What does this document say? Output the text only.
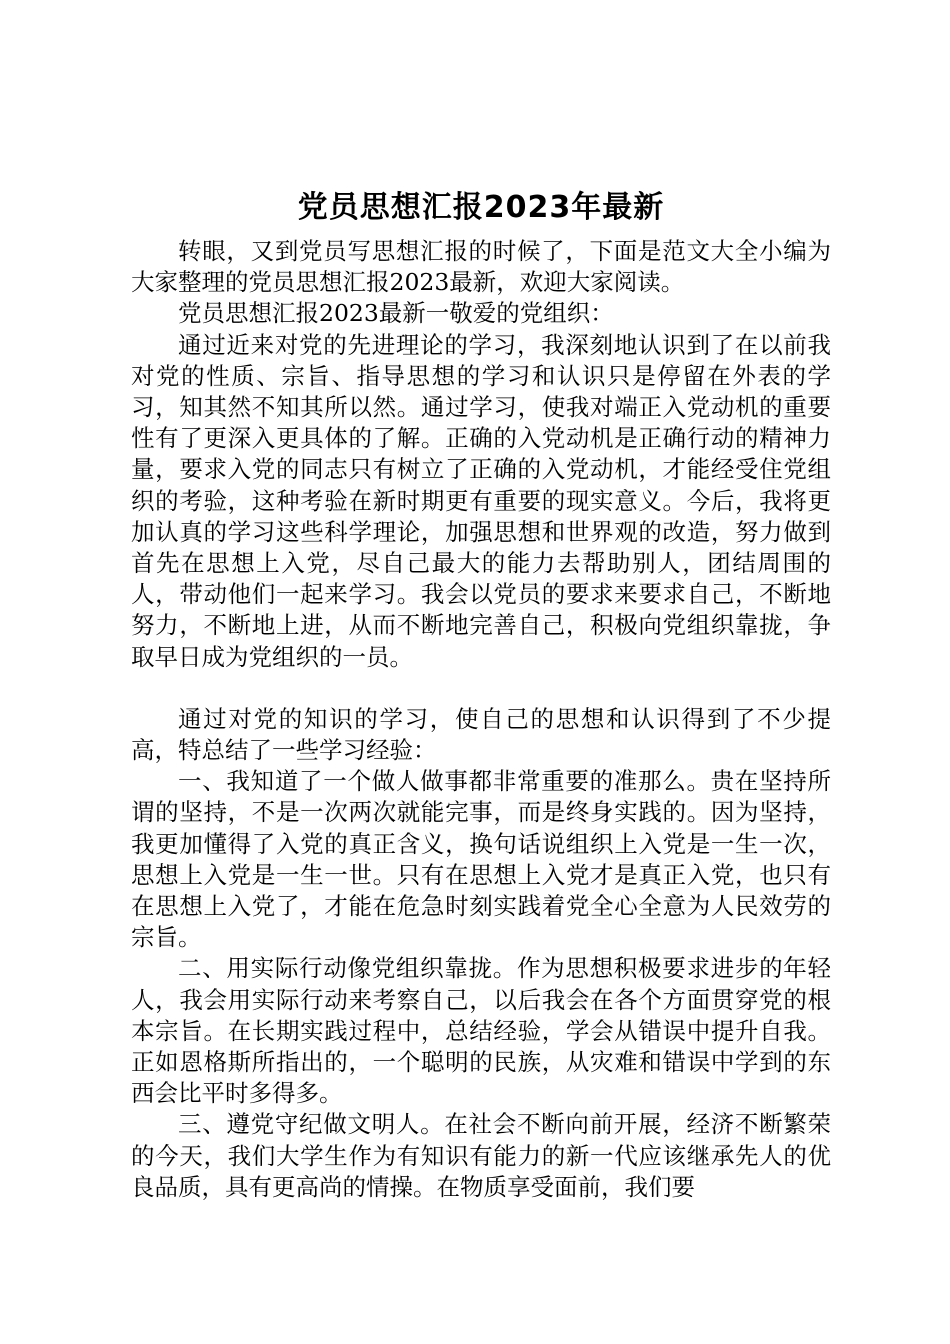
党员思想汇报2023年最新

转眼，又到党员写思想汇报的时候了，下面是范文大全小编为大家整理的党员思想汇报2023最新，欢迎大家阅读。

党员思想汇报2023最新一敬爱的党组织：

通过近来对党的先进理论的学习，我深刻地认识到了在以前我对党的性质、宗旨、指导思想的学习和认识只是停留在外表的学习，知其然不知其所以然。通过学习，使我对端正入党动机的重要性有了更深入更具体的了解。正确的入党动机是正确行动的精神力量，要求入党的同志只有树立了正确的入党动机，才能经受住党组织的考验，这种考验在新时期更有重要的现实意义。今后，我将更加认真的学习这些科学理论，加强思想和世界观的改造，努力做到首先在思想上入党，尽自己最大的能力去帮助别人，团结周围的人，带动他们一起来学习。我会以党员的要求来要求自己，不断地努力，不断地上进，从而不断地完善自己，积极向党组织靠拢，争取早日成为党组织的一员。

通过对党的知识的学习，使自己的思想和认识得到了不少提高，特总结了一些学习经验：

一、我知道了一个做人做事都非常重要的准那么。贵在坚持所谓的坚持，不是一次两次就能完事，而是终身实践的。因为坚持，我更加懂得了入党的真正含义，换句话说组织上入党是一生一次，思想上入党是一生一世。只有在思想上入党才是真正入党，也只有在思想上入党了，才能在危急时刻实践着党全心全意为人民效劳的宗旨。

二、用实际行动像党组织靠拢。作为思想积极要求进步的年轻人，我会用实际行动来考察自己，以后我会在各个方面贯穿党的根本宗旨。在长期实践过程中，总结经验，学会从错误中提升自我。正如恩格斯所指出的，一个聪明的民族，从灾难和错误中学到的东西会比平时多得多。

三、遵党守纪做文明人。在社会不断向前开展，经济不断繁荣的今天，我们大学生作为有知识有能力的新一代应该继承先人的优良品质，具有更高尚的情操。在物质享受面前，我们要
